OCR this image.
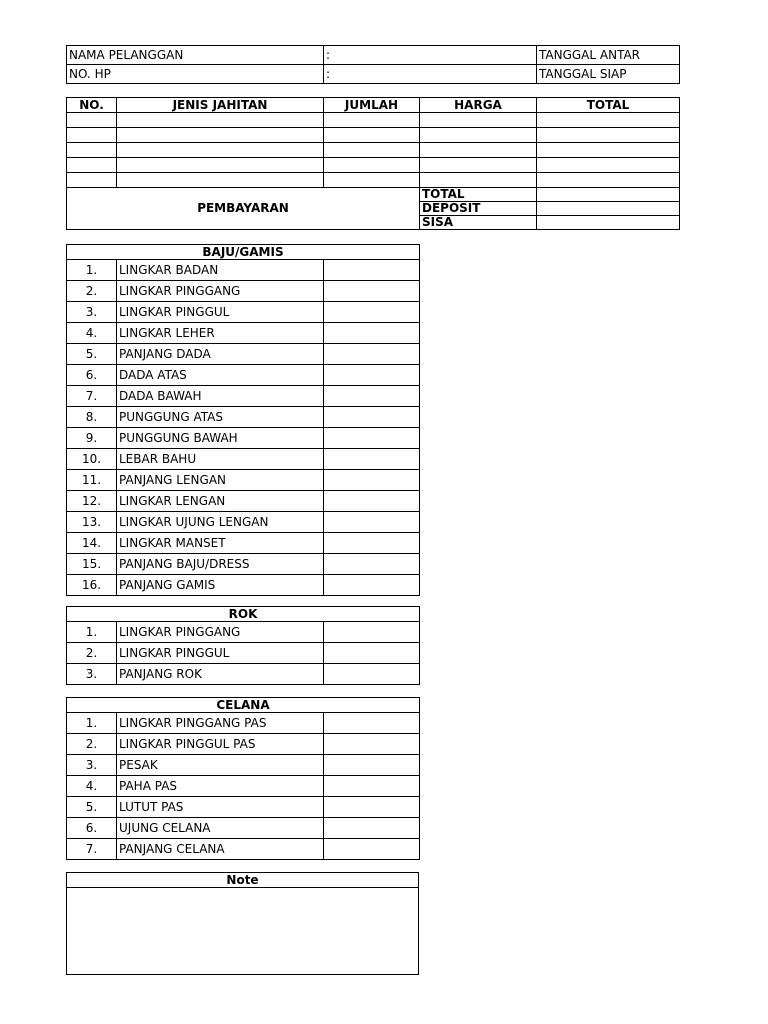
NAMA PELANGGAN	:	TANGGAL ANTAR
NO. HP	:	TANGGAL SIAP
NO.	JENIS JAHITAN	JUMLAH	HARGA	TOTAL

PEMBAYARAN			TOTAL	
			DEPOSIT	
			SISA	
BAJU/GAMIS		
1.	LINGKAR BADAN	
2.	LINGKAR PINGGANG	
3.	LINGKAR PINGGUL	
4.	LINGKAR LEHER	
5.	PANJANG DADA	
6.	DADA ATAS	
7.	DADA BAWAH	
8.	PUNGGUNG ATAS	
9.	PUNGGUNG BAWAH	
10.	LEBAR BAHU	
11.	PANJANG LENGAN	
12.	LINGKAR LENGAN	
13.	LINGKAR UJUNG LENGAN	
14.	LINGKAR MANSET	
15.	PANJANG BAJU/DRESS	
16.	PANJANG GAMIS	
ROK		
1.	LINGKAR PINGGANG	
2.	LINGKAR PINGGUL	
3.	PANJANG ROK	
CELANA		
1.	LINGKAR PINGGANG PAS	
2.	LINGKAR PINGGUL PAS	
3.	PESAK	
4.	PAHA PAS	
5.	LUTUT PAS	
6.	UJUNG CELANA	
7.	PANJANG CELANA	
Note
